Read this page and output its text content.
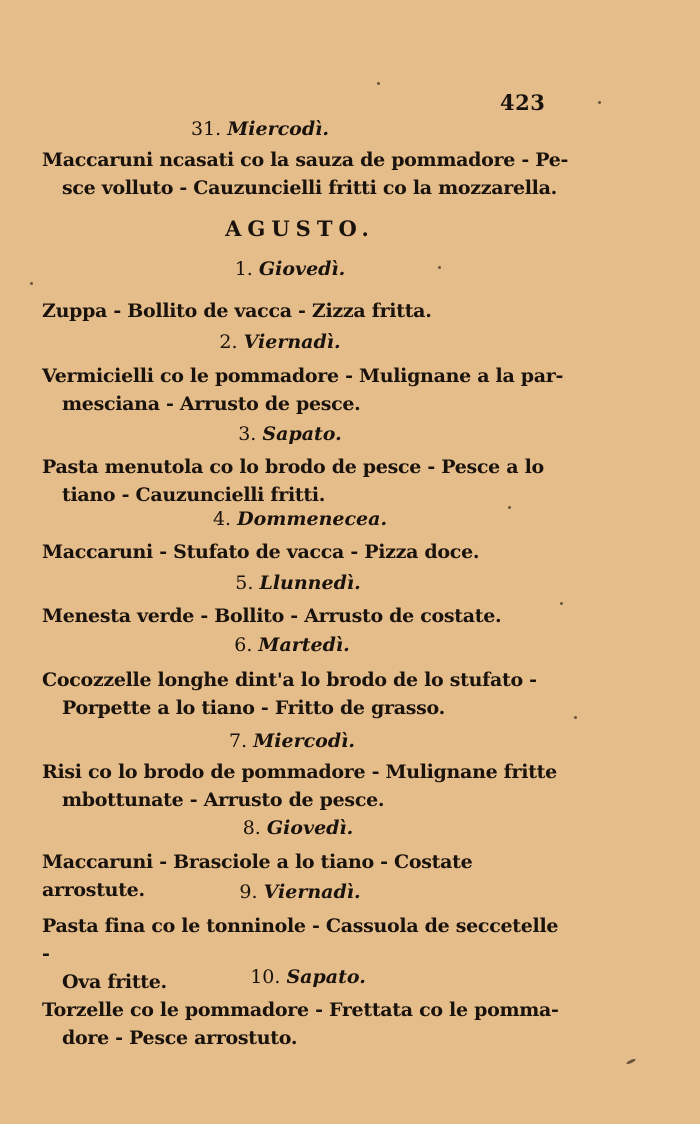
423
31. Miercodì.
Maccaruni ncasati co la sauza de pommadore - Pe-
sce volluto - Cauzuncielli fritti co la mozzarella.
AGUSTO.
1. Giovedì.
Zuppa - Bollito de vacca - Zizza fritta.
2. Viernadì.
Vermicielli co le pommadore - Mulignane a la par-
mesciana - Arrusto de pesce.
3. Sapato.
Pasta menutola co lo brodo de pesce - Pesce a lo
tiano - Cauzuncielli fritti.
4. Dommenecea.
Maccaruni - Stufato de vacca - Pizza doce.
5. Llunnedì.
Menesta verde - Bollito - Arrusto de costate.
6. Martedì.
Cocozzelle longhe dint'a lo brodo de lo stufato -
Porpette a lo tiano - Fritto de grasso.
7. Miercodì.
Risi co lo brodo de pommadore - Mulignane fritte
mbottunate - Arrusto de pesce.
8. Giovedì.
Maccaruni - Brasciole a lo tiano - Costate arrostute.	9. Viernadì.
Pasta fina co le tonninole - Cassuola de seccetelle -
Ova fritte.	10. Sapato.
Torzelle co le pommadore - Frettata co le pomma-
dore - Pesce arrostuto.
